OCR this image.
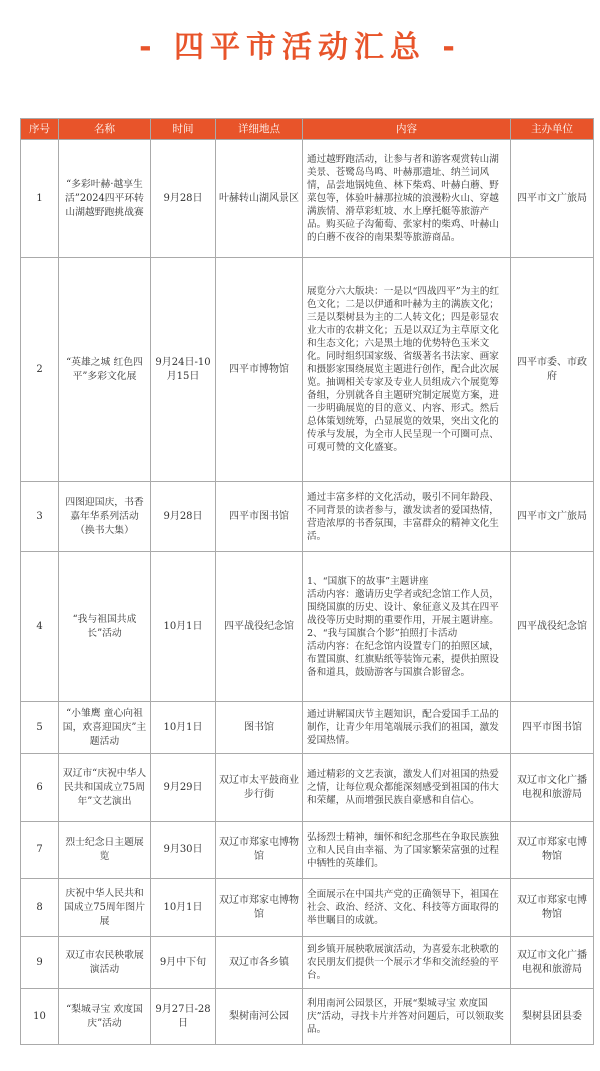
- 四平市活动汇总 -
序号	名称	时间	详细地点	内容	主办单位
1	“多彩叶赫·越享生活”2024四平环转山湖越野跑挑战赛	9月28日	叶赫转山湖风景区	通过越野跑活动，让参与者和游客观赏转山湖美景、苍鹭岛鸟鸣、叶赫那遗址、纳兰词风情，品尝地锅炖鱼、林下柴鸡、叶赫白蘑、野菜包等，体验叶赫那拉城的浪漫粉火山、穿越满族情、滑草彩虹坡、水上摩托艇等旅游产品。购买砬子沟葡萄、张家村的柴鸡、叶赫山的白蘑不夜谷的南果梨等旅游商品。	四平市文广旅局
2	“英雄之城 红色四平”多彩文化展	9月24日-10月15日	四平市博物馆	展览分六大版块：一是以“四战四平”为主的红色文化；二是以伊通和叶赫为主的满族文化；三是以梨树县为主的二人转文化；四是彰显农业大市的农耕文化；五是以双辽为主草原文化和生态文化；六是黑土地的优势特色玉米文化。同时组织国家级、省级著名书法家、画家和摄影家围绕展览主题进行创作，配合此次展览。抽调相关专家及专业人员组成六个展览筹备组，分别就各自主题研究制定展览方案，进一步明确展览的目的意义、内容、形式。然后总体策划统筹，凸显展览的效果，突出文化的传承与发展，为全市人民呈现一个可圈可点、可观可赞的文化盛宴。	四平市委、市政府
3	四图迎国庆，书香嘉年华系列活动（换书大集）	9月28日	四平市图书馆	通过丰富多样的文化活动，吸引不同年龄段、不同背景的读者参与，激发读者的爱国热情，营造浓厚的书香氛围，丰富群众的精神文化生活。	四平市文广旅局
4	“我与祖国共成长”活动	10月1日	四平战役纪念馆	1、“国旗下的故事”主题讲座
活动内容：邀请历史学者或纪念馆工作人员，围绕国旗的历史、设计、象征意义及其在四平战役等历史时期的重要作用，开展主题讲座。
2、“我与国旗合个影”拍照打卡活动
活动内容：在纪念馆内设置专门的拍照区域，布置国旗、红旗贴纸等装饰元素，提供拍照设备和道具，鼓励游客与国旗合影留念。	四平战役纪念馆
5	“小雏鹰 童心向祖国，欢喜迎国庆”主题活动	10月1日	图书馆	通过讲解国庆节主题知识，配合爱国手工品的制作，让青少年用笔端展示我们的祖国，激发爱国热情。	四平市图书馆
6	双辽市“庆祝中华人民共和国成立75周年”文艺演出	9月29日	双辽市太平鼓商业步行街	通过精彩的文艺表演，激发人们对祖国的热爱之情，让每位观众都能深刻感受到祖国的伟大和荣耀，从而增强民族自豪感和自信心。	双辽市文化广播电视和旅游局
7	烈士纪念日主题展览	9月30日	双辽市郑家屯博物馆	弘扬烈士精神，缅怀和纪念那些在争取民族独立和人民自由幸福、为了国家繁荣富强的过程中牺牲的英雄们。	双辽市郑家屯博物馆
8	庆祝中华人民共和国成立75周年图片展	10月1日	双辽市郑家屯博物馆	全面展示在中国共产党的正确领导下，祖国在社会、政治、经济、文化、科技等方面取得的举世瞩目的成就。	双辽市郑家屯博物馆
9	双辽市农民秧歌展演活动	9月中下旬	双辽市各乡镇	到乡镇开展秧歌展演活动，为喜爱东北秧歌的农民朋友们提供一个展示才华和交流经验的平台。	双辽市文化广播电视和旅游局
10	“梨城寻宝 欢度国庆”活动	9月27日-28日	梨树南河公园	利用南河公园景区，开展“梨城寻宝 欢度国庆”活动，寻找卡片并答对问题后，可以领取奖品。	梨树县团县委
